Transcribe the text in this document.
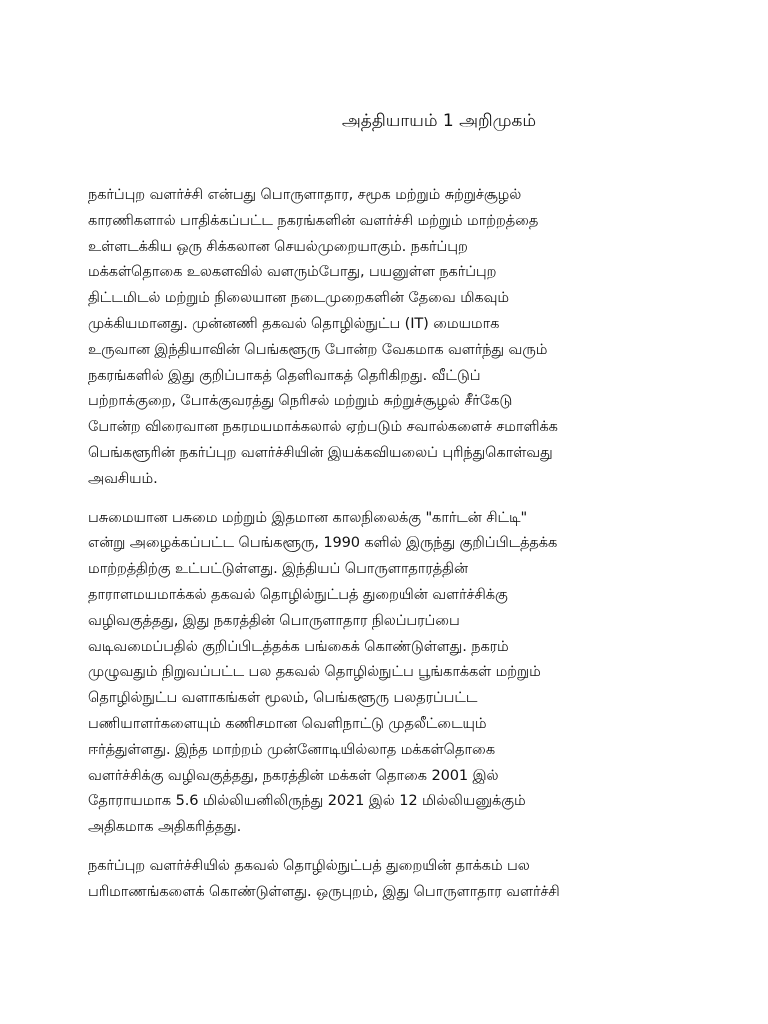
அத்தியாயம் 1 அறிமுகம்

நகர்ப்புற வளர்ச்சி என்பது பொருளாதார, சமூக மற்றும் சுற்றுச்சூழல்
காரணிகளால் பாதிக்கப்பட்ட நகரங்களின் வளர்ச்சி மற்றும் மாற்றத்தை
உள்ளடக்கிய ஒரு சிக்கலான செயல்முறையாகும். நகர்ப்புற
மக்கள்தொகை உலகளவில் வளரும்போது, பயனுள்ள நகர்ப்புற
திட்டமிடல் மற்றும் நிலையான நடைமுறைகளின் தேவை மிகவும்
முக்கியமானது. முன்னணி தகவல் தொழில்நுட்ப (IT) மையமாக
உருவான இந்தியாவின் பெங்களூரு போன்ற வேகமாக வளர்ந்து வரும்
நகரங்களில் இது குறிப்பாகத் தெளிவாகத் தெரிகிறது. வீட்டுப்
பற்றாக்குறை, போக்குவரத்து நெரிசல் மற்றும் சுற்றுச்சூழல் சீர்கேடு
போன்ற விரைவான நகரமயமாக்கலால் ஏற்படும் சவால்களைச் சமாளிக்க
பெங்களூரின் நகர்ப்புற வளர்ச்சியின் இயக்கவியலைப் புரிந்துகொள்வது
அவசியம்.

பசுமையான பசுமை மற்றும் இதமான காலநிலைக்கு "கார்டன் சிட்டி"
என்று அழைக்கப்பட்ட பெங்களூரு, 1990 களில் இருந்து குறிப்பிடத்தக்க
மாற்றத்திற்கு உட்பட்டுள்ளது. இந்தியப் பொருளாதாரத்தின்
தாராளமயமாக்கல் தகவல் தொழில்நுட்பத் துறையின் வளர்ச்சிக்கு
வழிவகுத்தது, இது நகரத்தின் பொருளாதார நிலப்பரப்பை
வடிவமைப்பதில் குறிப்பிடத்தக்க பங்கைக் கொண்டுள்ளது. நகரம்
முழுவதும் நிறுவப்பட்ட பல தகவல் தொழில்நுட்ப பூங்காக்கள் மற்றும்
தொழில்நுட்ப வளாகங்கள் மூலம், பெங்களூரு பலதரப்பட்ட
பணியாளர்களையும் கணிசமான வெளிநாட்டு முதலீட்டையும்
ஈர்த்துள்ளது. இந்த மாற்றம் முன்னோடியில்லாத மக்கள்தொகை
வளர்ச்சிக்கு வழிவகுத்தது, நகரத்தின் மக்கள் தொகை 2001 இல்
தோராயமாக 5.6 மில்லியனிலிருந்து 2021 இல் 12 மில்லியனுக்கும்
அதிகமாக அதிகரித்தது.

நகர்ப்புற வளர்ச்சியில் தகவல் தொழில்நுட்பத் துறையின் தாக்கம் பல
பரிமாணங்களைக் கொண்டுள்ளது. ஒருபுறம், இது பொருளாதார வளர்ச்சி
